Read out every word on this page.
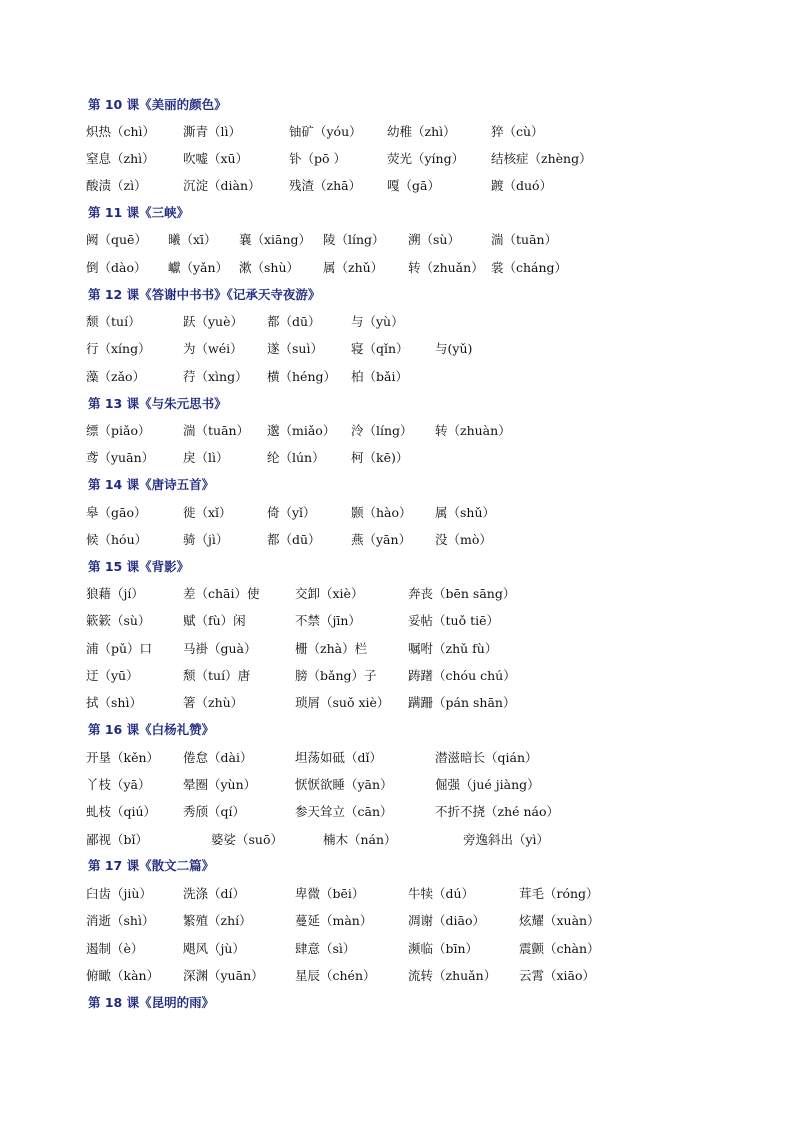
第 10 课《美丽的颜色》
炽热（chì） 澌青（lì）	铀矿（yóu） 幼稚（zhì）	猝（cù）
窒息（zhì） 吹嘘（xū）	钋（pō ）	荧光（yíng） 结核症（zhèng）
酸渍（zì）	沉淀（diàn） 残渣（zhā） 嘎（gā）	踱（duó）
第 11 课《三峡》
阙（quē） 曦（xī） 襄（xiāng） 陵（líng） 溯（sù） 湍（tuān）
倒（dào） 巘（yǎn） 漱（shù） 属（zhǔ） 转（zhuǎn） 裳（cháng）
第 12 课《答谢中书书》《记承天寺夜游》
颓（tuí）	跃（yuè） 都（dū） 与（yù）
行（xíng）	为（wéi） 遂（suì） 寝（qǐn） 与(yǔ)
藻（zǎo）	荇（xìng） 横（héng） 柏（bǎi）
第 13 课《与朱元思书》
缥（piǎo）	湍（tuān） 邈（miǎo） 泠（líng） 转（zhuàn）
鸢（yuān） 戾（lì）	纶（lún） 柯（kē)）
第 14 课《唐诗五首》
皋（gāo）	徙（xǐ）	倚（yǐ）	颢（hào） 属（shǔ）
候（hóu）	骑（jì）	都（dū） 燕（yān） 没（mò）
第 15 课《背影》
狼藉（jí）	差（chāi）使	交卸（xiè）	奔丧（bēn sāng）
簌簌（sù）	赋（fù）闲	不禁（jīn）	妥帖（tuǒ tiē）
浦（pǔ）口 马褂（guà）	栅（zhà）栏	嘱咐（zhǔ fù）
迂（yū）	颓（tuí）唐	膀（bǎng）子	踌躇（chóu chú）
拭（shì）	箸（zhù）	琐屑（suǒ xiè） 蹒跚（pán shān）
第 16 课《白杨礼赞》
开垦（kěn） 倦怠（dài）	坦荡如砥（dǐ）	潜滋暗长（qián）
丫枝（yā）	晕圈（yùn）	恹恹欲睡（yān）	倔强（jué jiàng）
虬枝（qiú） 秀颀（qí）	参天耸立（cān）	不折不挠（zhé náo）
鄙视（bǐ）	婆娑（suō）	楠木（nán）	旁逸斜出（yì）
第 17 课《散文二篇》
臼齿（jiù） 洗涤（dí）	卑微（bēi）	牛犊（dú）	茸毛（róng）
消逝（shì） 繁殖（zhí）	蔓延（màn）	凋谢（diāo）	炫耀（xuàn）
遏制（è）	飓风（jù）	肆意（sì）	濒临（bīn）	震颤（chàn）
俯瞰（kàn） 深渊（yuān）	星辰（chén）	流转（zhuǎn） 云霄（xiāo）
第 18 课《昆明的雨》
